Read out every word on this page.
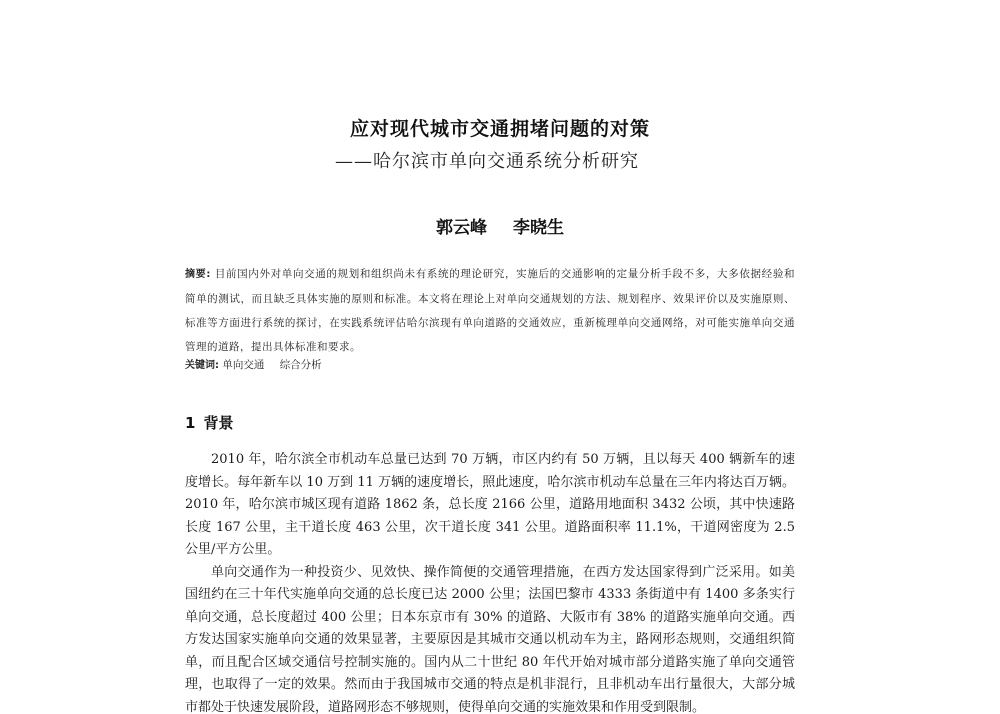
应对现代城市交通拥堵问题的对策
——哈尔滨市单向交通系统分析研究
郭云峰 李晓生
摘要: 目前国内外对单向交通的规划和组织尚未有系统的理论研究，实施后的交通影响的定量分析手段不多，大多依据经验和简单的测试，而且缺乏具体实施的原则和标准。本文将在理论上对单向交通规划的方法、规划程序、效果评价以及实施原则、标准等方面进行系统的探讨，在实践系统评估哈尔滨现有单向道路的交通效应，重新梳理单向交通网络，对可能实施单向交通管理的道路，提出具体标准和要求。
关键词: 单向交通 综合分析
1 背景

2010 年，哈尔滨全市机动车总量已达到 70 万辆，市区内约有 50 万辆，且以每天 400 辆新车的速度增长。每年新车以 10 万到 11 万辆的速度增长，照此速度，哈尔滨市机动车总量在三年内将达百万辆。2010 年，哈尔滨市城区现有道路 1862 条，总长度 2166 公里，道路用地面积 3432 公顷，其中快速路长度 167 公里，主干道长度 463 公里，次干道长度 341 公里。道路面积率 11.1%，干道网密度为 2.5 公里/平方公里。

单向交通作为一种投资少、见效快、操作简便的交通管理措施，在西方发达国家得到广泛采用。如美国纽约在三十年代实施单向交通的总长度已达 2000 公里；法国巴黎市 4333 条街道中有 1400 多条实行单向交通，总长度超过 400 公里；日本东京市有 30% 的道路、大阪市有 38% 的道路实施单向交通。西方发达国家实施单向交通的效果显著，主要原因是其城市交通以机动车为主，路网形态规则，交通组织简单，而且配合区域交通信号控制实施的。国内从二十世纪 80 年代开始对城市部分道路实施了单向交通管理，也取得了一定的效果。然而由于我国城市交通的特点是机非混行，且非机动车出行量很大，大部分城市都处于快速发展阶段，道路网形态不够规则，使得单向交通的实施效果和作用受到限制。
